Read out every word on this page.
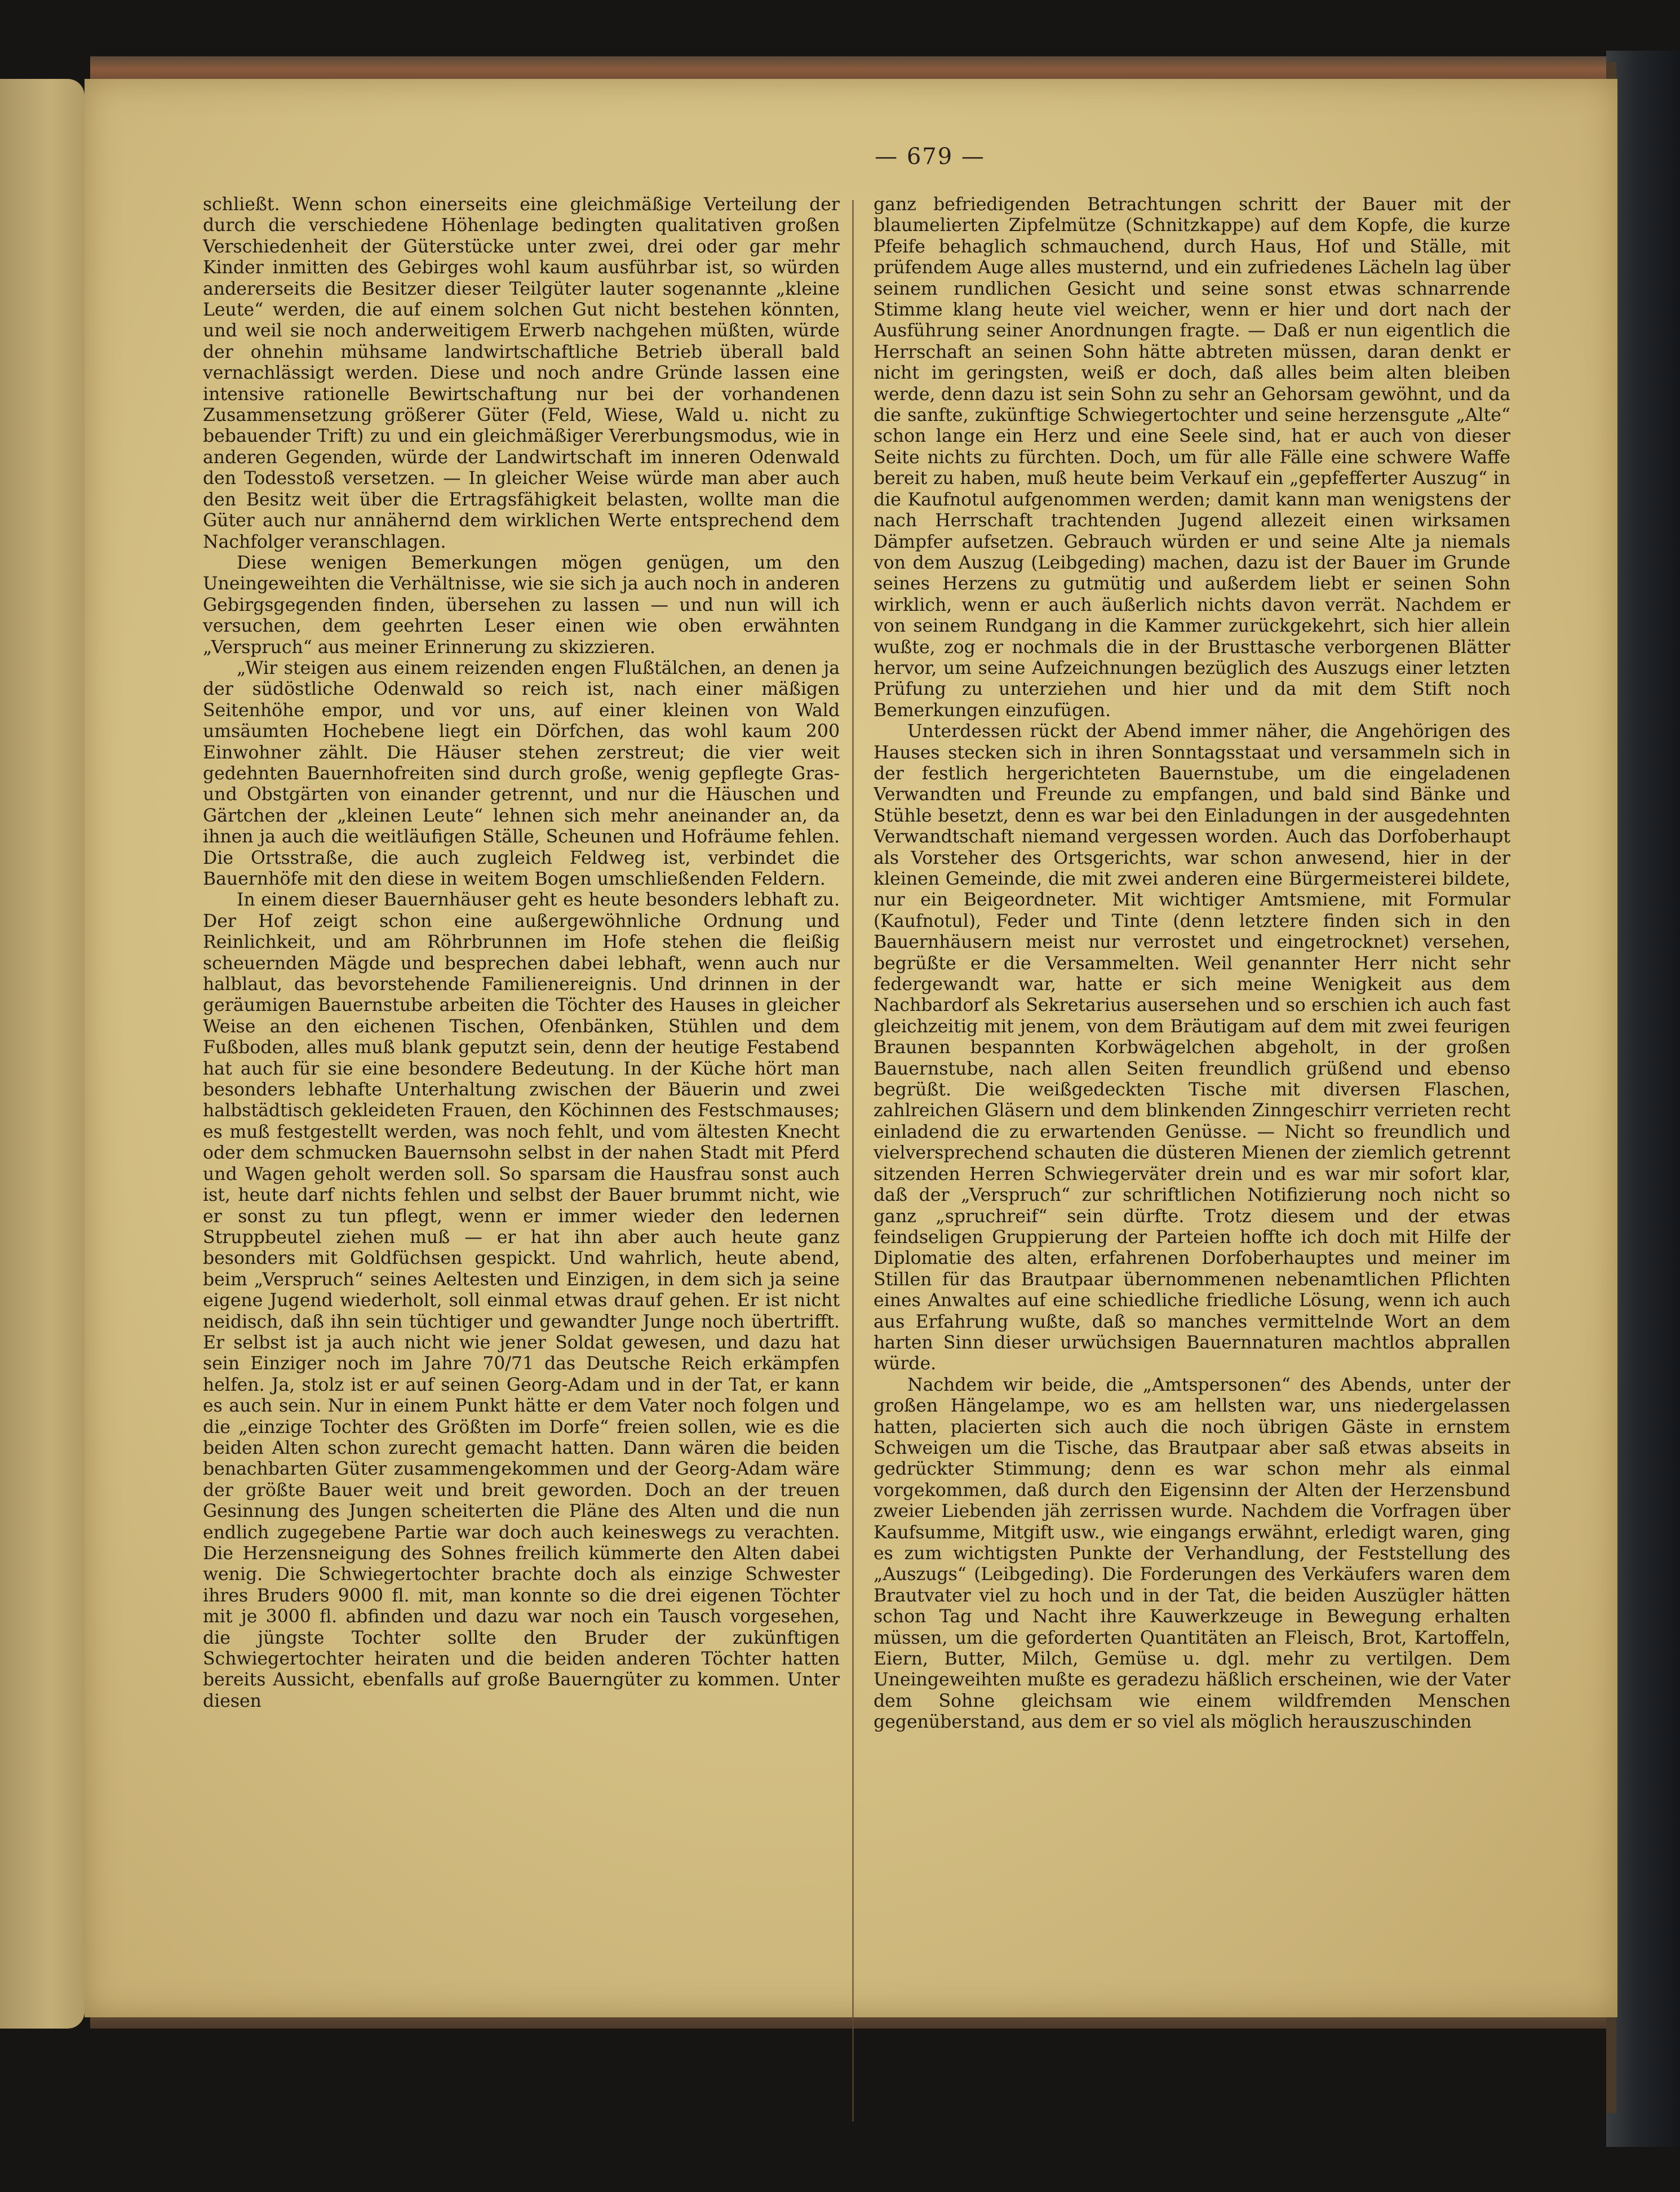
— 679 —

schließt. Wenn schon einerseits eine gleichmäßige Verteilung der durch die verschiedene Höhenlage bedingten qualitativen großen Verschiedenheit der Güterstücke unter zwei, drei oder gar mehr Kinder inmitten des Gebirges wohl kaum ausführbar ist, so würden andererseits die Besitzer dieser Teilgüter lauter sogenannte „kleine Leute“ werden, die auf einem solchen Gut nicht bestehen könnten, und weil sie noch anderweitigem Erwerb nachgehen müßten, würde der ohnehin mühsame landwirtschaftliche Betrieb überall bald vernachlässigt werden. Diese und noch andre Gründe lassen eine intensive rationelle Bewirtschaftung nur bei der vorhandenen Zusammensetzung größerer Güter (Feld, Wiese, Wald u. nicht zu bebauender Trift) zu und ein gleichmäßiger Vererbungsmodus, wie in anderen Gegenden, würde der Landwirtschaft im inneren Odenwald den Todesstoß versetzen. — In gleicher Weise würde man aber auch den Besitz weit über die Ertragsfähigkeit belasten, wollte man die Güter auch nur annähernd dem wirklichen Werte entsprechend dem Nachfolger veranschlagen.

Diese wenigen Bemerkungen mögen genügen, um den Uneingeweihten die Verhältnisse, wie sie sich ja auch noch in anderen Gebirgsgegenden finden, übersehen zu lassen — und nun will ich versuchen, dem geehrten Leser einen wie oben erwähnten „Verspruch“ aus meiner Erinnerung zu skizzieren.

„Wir steigen aus einem reizenden engen Flußtälchen, an denen ja der südöstliche Odenwald so reich ist, nach einer mäßigen Seitenhöhe empor, und vor uns, auf einer kleinen von Wald umsäumten Hochebene liegt ein Dörfchen, das wohl kaum 200 Einwohner zählt. Die Häuser stehen zerstreut; die vier weit gedehnten Bauernhofreiten sind durch große, wenig gepflegte Gras- und Obstgärten von einander getrennt, und nur die Häuschen und Gärtchen der „kleinen Leute“ lehnen sich mehr aneinander an, da ihnen ja auch die weitläufigen Ställe, Scheunen und Hofräume fehlen. Die Ortsstraße, die auch zugleich Feldweg ist, verbindet die Bauernhöfe mit den diese in weitem Bogen umschließenden Feldern.

In einem dieser Bauernhäuser geht es heute besonders lebhaft zu. Der Hof zeigt schon eine außergewöhnliche Ordnung und Reinlichkeit, und am Röhrbrunnen im Hofe stehen die fleißig scheuernden Mägde und besprechen dabei lebhaft, wenn auch nur halblaut, das bevorstehende Familienereignis. Und drinnen in der geräumigen Bauernstube arbeiten die Töchter des Hauses in gleicher Weise an den eichenen Tischen, Ofenbänken, Stühlen und dem Fußboden, alles muß blank geputzt sein, denn der heutige Festabend hat auch für sie eine besondere Bedeutung. In der Küche hört man besonders lebhafte Unterhaltung zwischen der Bäuerin und zwei halbstädtisch gekleideten Frauen, den Köchinnen des Festschmauses; es muß festgestellt werden, was noch fehlt, und vom ältesten Knecht oder dem schmucken Bauernsohn selbst in der nahen Stadt mit Pferd und Wagen geholt werden soll. So sparsam die Hausfrau sonst auch ist, heute darf nichts fehlen und selbst der Bauer brummt nicht, wie er sonst zu tun pflegt, wenn er immer wieder den ledernen Struppbeutel ziehen muß — er hat ihn aber auch heute ganz besonders mit Goldfüchsen gespickt. Und wahrlich, heute abend, beim „Verspruch“ seines Aeltesten und Einzigen, in dem sich ja seine eigene Jugend wiederholt, soll einmal etwas drauf gehen. Er ist nicht neidisch, daß ihn sein tüchtiger und gewandter Junge noch übertrifft. Er selbst ist ja auch nicht wie jener Soldat gewesen, und dazu hat sein Einziger noch im Jahre 70/71 das Deutsche Reich erkämpfen helfen. Ja, stolz ist er auf seinen Georg-Adam und in der Tat, er kann es auch sein. Nur in einem Punkt hätte er dem Vater noch folgen und die „einzige Tochter des Größten im Dorfe“ freien sollen, wie es die beiden Alten schon zurecht gemacht hatten. Dann wären die beiden benachbarten Güter zusammengekommen und der Georg-Adam wäre der größte Bauer weit und breit geworden. Doch an der treuen Gesinnung des Jungen scheiterten die Pläne des Alten und die nun endlich zugegebene Partie war doch auch keineswegs zu verachten. Die Herzensneigung des Sohnes freilich kümmerte den Alten dabei wenig. Die Schwiegertochter brachte doch als einzige Schwester ihres Bruders 9000 fl. mit, man konnte so die drei eigenen Töchter mit je 3000 fl. abfinden und dazu war noch ein Tausch vorgesehen, die jüngste Tochter sollte den Bruder der zukünftigen Schwiegertochter heiraten und die beiden anderen Töchter hatten bereits Aussicht, ebenfalls auf große Bauerngüter zu kommen. Unter diesen

ganz befriedigenden Betrachtungen schritt der Bauer mit der blaumelierten Zipfelmütze (Schnitzkappe) auf dem Kopfe, die kurze Pfeife behaglich schmauchend, durch Haus, Hof und Ställe, mit prüfendem Auge alles musternd, und ein zufriedenes Lächeln lag über seinem rundlichen Gesicht und seine sonst etwas schnarrende Stimme klang heute viel weicher, wenn er hier und dort nach der Ausführung seiner Anordnungen fragte. — Daß er nun eigentlich die Herrschaft an seinen Sohn hätte abtreten müssen, daran denkt er nicht im geringsten, weiß er doch, daß alles beim alten bleiben werde, denn dazu ist sein Sohn zu sehr an Gehorsam gewöhnt, und da die sanfte, zukünftige Schwiegertochter und seine herzensgute „Alte“ schon lange ein Herz und eine Seele sind, hat er auch von dieser Seite nichts zu fürchten. Doch, um für alle Fälle eine schwere Waffe bereit zu haben, muß heute beim Verkauf ein „gepfefferter Auszug“ in die Kaufnotul aufgenommen werden; damit kann man wenigstens der nach Herrschaft trachtenden Jugend allezeit einen wirksamen Dämpfer aufsetzen. Gebrauch würden er und seine Alte ja niemals von dem Auszug (Leibgeding) machen, dazu ist der Bauer im Grunde seines Herzens zu gutmütig und außerdem liebt er seinen Sohn wirklich, wenn er auch äußerlich nichts davon verrät. Nachdem er von seinem Rundgang in die Kammer zurückgekehrt, sich hier allein wußte, zog er nochmals die in der Brusttasche verborgenen Blätter hervor, um seine Aufzeichnungen bezüglich des Auszugs einer letzten Prüfung zu unterziehen und hier und da mit dem Stift noch Bemerkungen einzufügen.

Unterdessen rückt der Abend immer näher, die Angehörigen des Hauses stecken sich in ihren Sonntagsstaat und versammeln sich in der festlich hergerichteten Bauernstube, um die eingeladenen Verwandten und Freunde zu empfangen, und bald sind Bänke und Stühle besetzt, denn es war bei den Einladungen in der ausgedehnten Verwandtschaft niemand vergessen worden. Auch das Dorfoberhaupt als Vorsteher des Ortsgerichts, war schon anwesend, hier in der kleinen Gemeinde, die mit zwei anderen eine Bürgermeisterei bildete, nur ein Beigeordneter. Mit wichtiger Amtsmiene, mit Formular (Kaufnotul), Feder und Tinte (denn letztere finden sich in den Bauernhäusern meist nur verrostet und eingetrocknet) versehen, begrüßte er die Versammelten. Weil genannter Herr nicht sehr federgewandt war, hatte er sich meine Wenigkeit aus dem Nachbardorf als Sekretarius ausersehen und so erschien ich auch fast gleichzeitig mit jenem, von dem Bräutigam auf dem mit zwei feurigen Braunen bespannten Korbwägelchen abgeholt, in der großen Bauernstube, nach allen Seiten freundlich grüßend und ebenso begrüßt. Die weißgedeckten Tische mit diversen Flaschen, zahlreichen Gläsern und dem blinkenden Zinngeschirr verrieten recht einladend die zu erwartenden Genüsse. — Nicht so freundlich und vielversprechend schauten die düsteren Mienen der ziemlich getrennt sitzenden Herren Schwiegerväter drein und es war mir sofort klar, daß der „Verspruch“ zur schriftlichen Notifizierung noch nicht so ganz „spruchreif“ sein dürfte. Trotz diesem und der etwas feindseligen Gruppierung der Parteien hoffte ich doch mit Hilfe der Diplomatie des alten, erfahrenen Dorfoberhauptes und meiner im Stillen für das Brautpaar übernommenen nebenamtlichen Pflichten eines Anwaltes auf eine schiedliche friedliche Lösung, wenn ich auch aus Erfahrung wußte, daß so manches vermittelnde Wort an dem harten Sinn dieser urwüchsigen Bauernnaturen machtlos abprallen würde.

Nachdem wir beide, die „Amtspersonen“ des Abends, unter der großen Hängelampe, wo es am hellsten war, uns niedergelassen hatten, placierten sich auch die noch übrigen Gäste in ernstem Schweigen um die Tische, das Brautpaar aber saß etwas abseits in gedrückter Stimmung; denn es war schon mehr als einmal vorgekommen, daß durch den Eigensinn der Alten der Herzensbund zweier Liebenden jäh zerrissen wurde. Nachdem die Vorfragen über Kaufsumme, Mitgift usw., wie eingangs erwähnt, erledigt waren, ging es zum wichtigsten Punkte der Verhandlung, der Feststellung des „Auszugs“ (Leibgeding). Die Forderungen des Verkäufers waren dem Brautvater viel zu hoch und in der Tat, die beiden Auszügler hätten schon Tag und Nacht ihre Kauwerkzeuge in Bewegung erhalten müssen, um die geforderten Quantitäten an Fleisch, Brot, Kartoffeln, Eiern, Butter, Milch, Gemüse u. dgl. mehr zu vertilgen. Dem Uneingeweihten mußte es geradezu häßlich erscheinen, wie der Vater dem Sohne gleichsam wie einem wildfremden Menschen gegenüberstand, aus dem er so viel als möglich herauszuschinden
